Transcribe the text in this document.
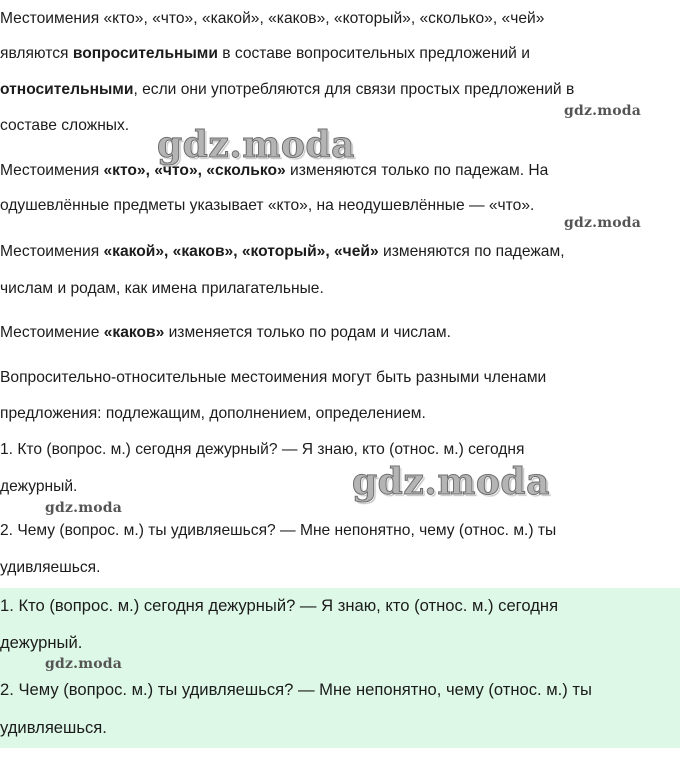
Местоимения «кто», «что», «какой», «каков», «который», «сколько», «чей»
являются вопросительными в составе вопросительных предложений и
относительными, если они употребляются для связи простых предложений в
составе сложных.
Местоимения «кто», «что», «сколько» изменяются только по падежам. На
одушевлённые предметы указывает «кто», на неодушевлённые — «что».
Местоимения «какой», «каков», «который», «чей» изменяются по падежам,
числам и родам, как имена прилагательные.
Местоимение «каков» изменяется только по родам и числам.
Вопросительно-относительные местоимения могут быть разными членами
предложения: подлежащим, дополнением, определением.
1. Кто (вопрос. м.) сегодня дежурный? — Я знаю, кто (относ. м.) сегодня
дежурный.
2. Чему (вопрос. м.) ты удивляешься? — Мне непонятно, чему (относ. м.) ты
удивляешься.
1. Кто (вопрос. м.) сегодня дежурный? — Я знаю, кто (относ. м.) сегодня
дежурный.
2. Чему (вопрос. м.) ты удивляешься? — Мне непонятно, чему (относ. м.) ты
удивляешься.
gdz.moda
gdz.moda
gdz.moda
gdz.moda
gdz.moda
gdz.moda
